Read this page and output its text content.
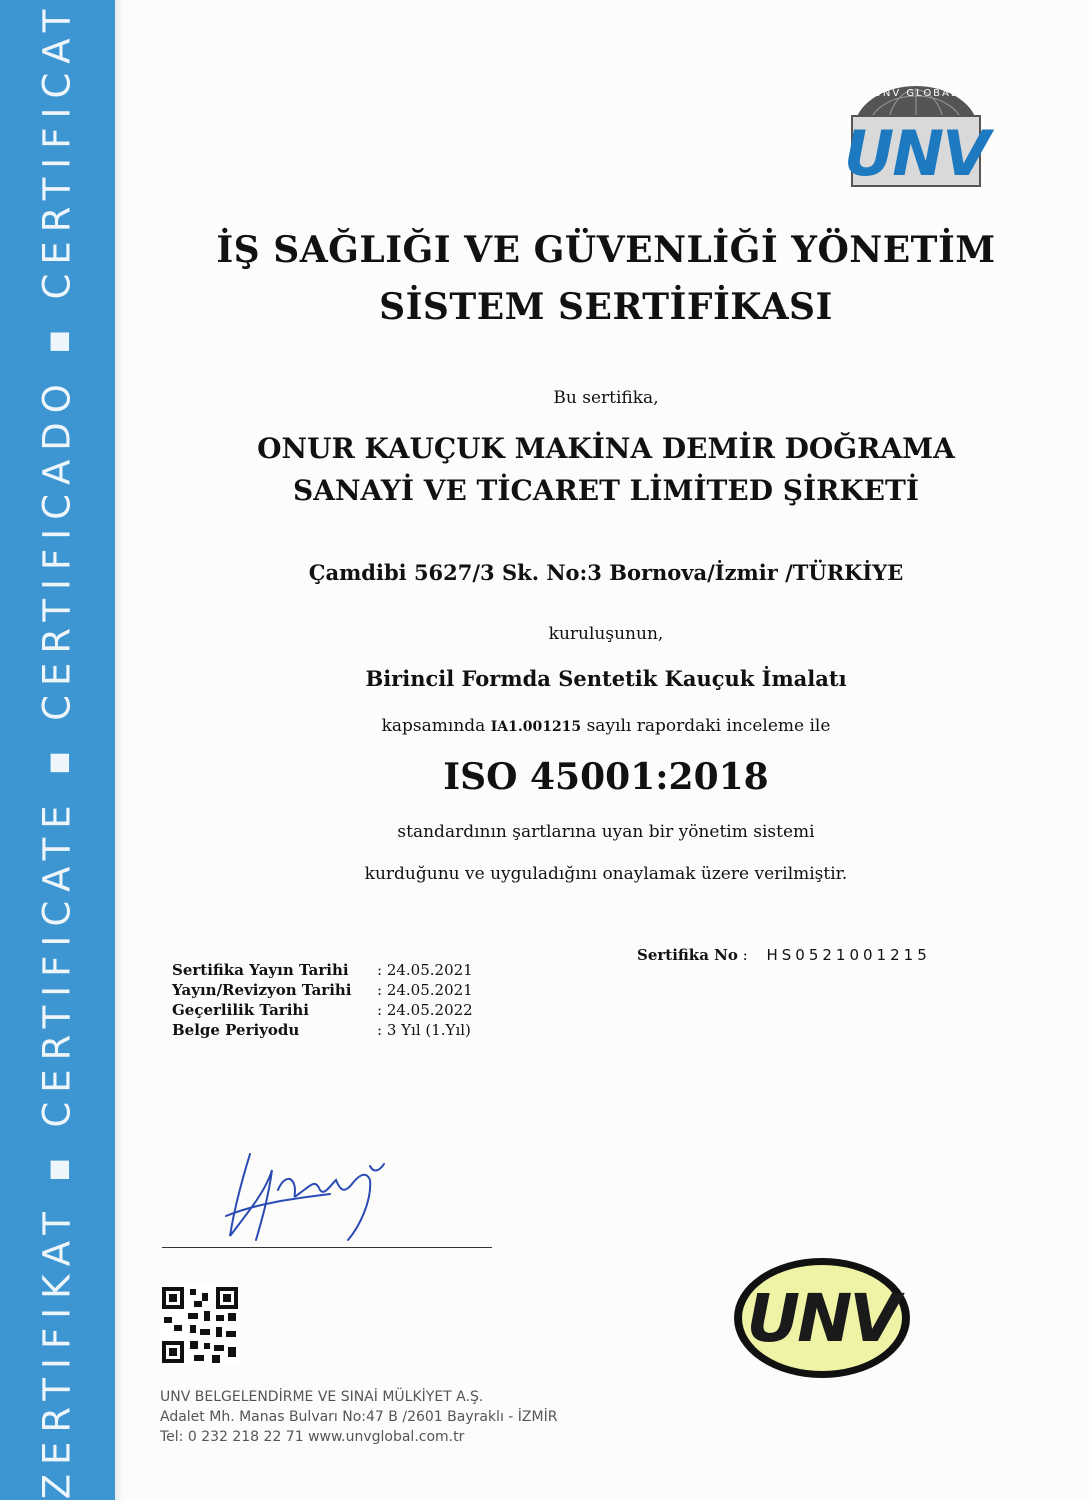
ZERTIFIKAT ▪ CERTIFICATE ▪ CERTIFICADO ▪ CERTIFICAT	UNV GLOBAL
UNV
İŞ SAĞLIĞI VE GÜVENLİĞİ YÖNETİM
SİSTEM SERTİFİKASI
Bu sertifika,
ONUR KAUÇUK MAKİNA DEMİR DOĞRAMA
SANAYİ VE TİCARET LİMİTED ŞİRKETİ
Çamdibi 5627/3 Sk. No:3 Bornova/İzmir /TÜRKİYE
kuruluşunun,
Birincil Formda Sentetik Kauçuk İmalatı
kapsamında IA1.001215 sayılı rapordaki inceleme ile
ISO 45001:2018
standardının şartlarına uyan bir yönetim sistemi
kurduğunu ve uyguladığını onaylamak üzere verilmiştir.
Sertifika Yayın Tarihi	: 24.05.2021
Yayın/Revizyon Tarihi	: 24.05.2021
Geçerlilik Tarihi	: 24.05.2022
Belge Periyodu	: 3 Yıl (1.Yıl)
Sertifika No : HS0521001215
UNV BELGELENDİRME VE SINAİ MÜLKİYET A.Ş.
Adalet Mh. Manas Bulvarı No:47 B /2601 Bayraklı - İZMİR
Tel: 0 232 218 22 71 www.unvglobal.com.tr
UNV
